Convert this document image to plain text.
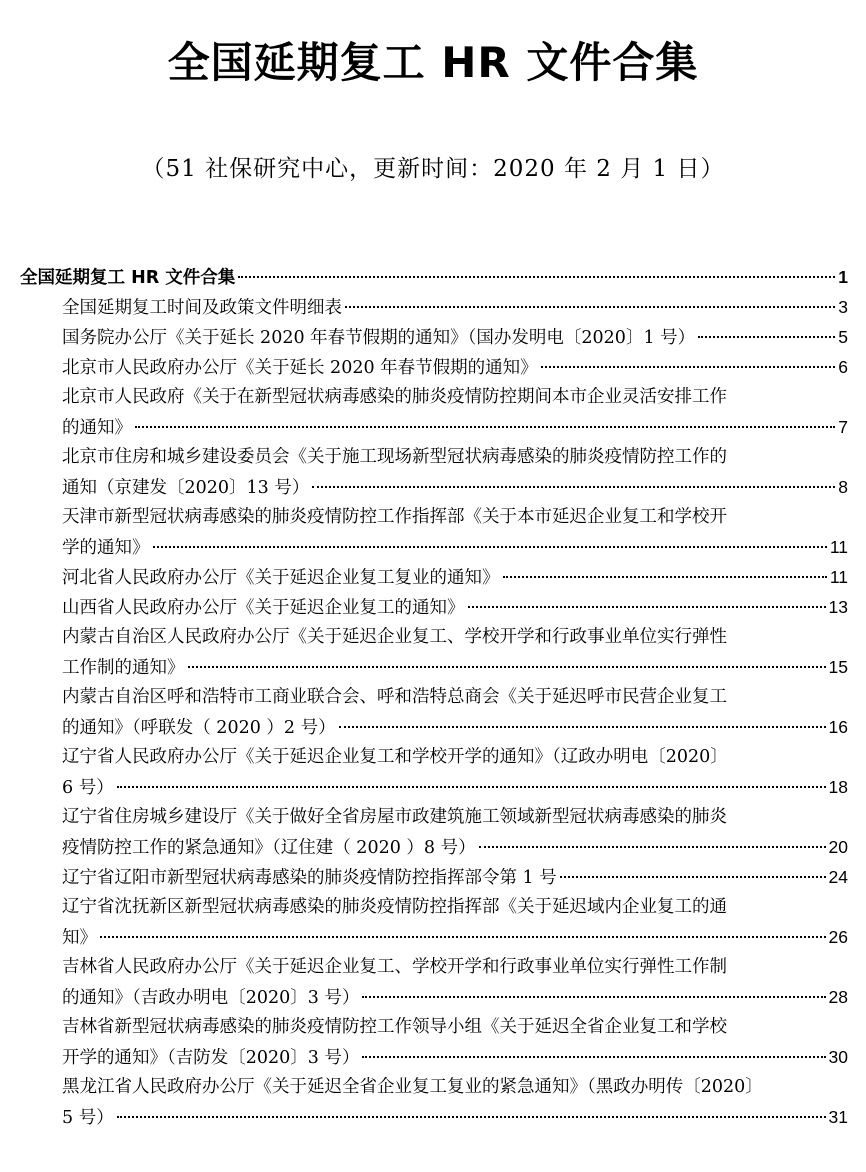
全国延期复工 HR 文件合集

（51 社保研究中心，更新时间：2020 年 2 月 1 日）

全国延期复工 HR 文件合集	1
全国延期复工时间及政策文件明细表	3
国务院办公厅《关于延长 2020 年春节假期的通知》（国办发明电〔2020〕1 号）	5
北京市人民政府办公厅《关于延长 2020 年春节假期的通知》	6
北京市人民政府《关于在新型冠状病毒感染的肺炎疫情防控期间本市企业灵活安排工作
的通知》	7
北京市住房和城乡建设委员会《关于施工现场新型冠状病毒感染的肺炎疫情防控工作的
通知（京建发〔2020〕13 号）	8
天津市新型冠状病毒感染的肺炎疫情防控工作指挥部《关于本市延迟企业复工和学校开
学的通知》	11
河北省人民政府办公厅《关于延迟企业复工复业的通知》	11
山西省人民政府办公厅《关于延迟企业复工的通知》	13
内蒙古自治区人民政府办公厅《关于延迟企业复工、学校开学和行政事业单位实行弹性
工作制的通知》	15
内蒙古自治区呼和浩特市工商业联合会、呼和浩特总商会《关于延迟呼市民营企业复工
的通知》（呼联发（ 2020 ）2 号）	16
辽宁省人民政府办公厅《关于延迟企业复工和学校开学的通知》（辽政办明电〔2020〕
6 号）	18
辽宁省住房城乡建设厅《关于做好全省房屋市政建筑施工领域新型冠状病毒感染的肺炎
疫情防控工作的紧急通知》（辽住建（ 2020 ）8 号）	20
辽宁省辽阳市新型冠状病毒感染的肺炎疫情防控指挥部令第 1 号	24
辽宁省沈抚新区新型冠状病毒感染的肺炎疫情防控指挥部《关于延迟域内企业复工的通
知》	26
吉林省人民政府办公厅《关于延迟企业复工、学校开学和行政事业单位实行弹性工作制
的通知》（吉政办明电〔2020〕3 号）	28
吉林省新型冠状病毒感染的肺炎疫情防控工作领导小组《关于延迟全省企业复工和学校
开学的通知》（吉防发〔2020〕3 号）	30
黑龙江省人民政府办公厅《关于延迟全省企业复工复业的紧急通知》（黑政办明传〔2020〕
5 号）	31
